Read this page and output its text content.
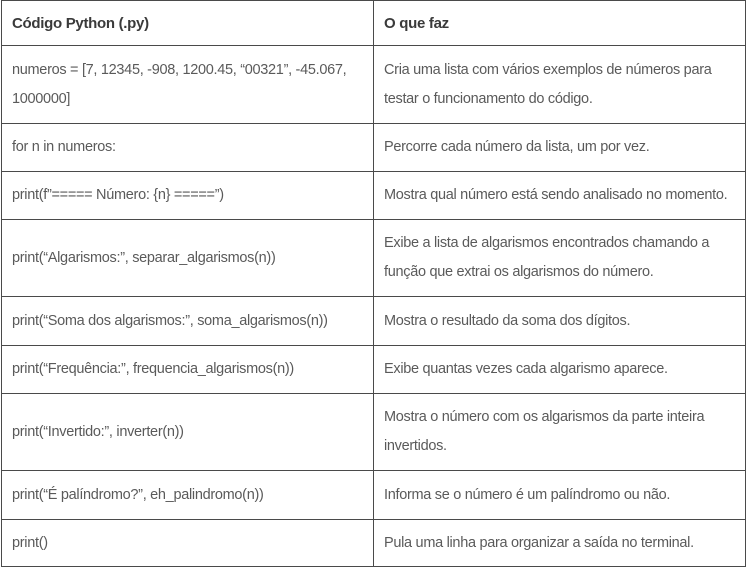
Código Python (.py)	O que faz
numeros = [7, 12345, -908, 1200.45, “00321”, -45.067, 1000000]	Cria uma lista com vários exemplos de números para testar o funcionamento do código.
for n in numeros:	Percorre cada número da lista, um por vez.
print(f”===== Número: {n} =====”)	Mostra qual número está sendo analisado no momento.
print(“Algarismos:”, separar_algarismos(n))	Exibe a lista de algarismos encontrados chamando a função que extrai os algarismos do número.
print(“Soma dos algarismos:”, soma_algarismos(n))	Mostra o resultado da soma dos dígitos.
print(“Frequência:”, frequencia_algarismos(n))	Exibe quantas vezes cada algarismo aparece.
print(“Invertido:”, inverter(n))	Mostra o número com os algarismos da parte inteira invertidos.
print(“É palíndromo?”, eh_palindromo(n))	Informa se o número é um palíndromo ou não.
print()	Pula uma linha para organizar a saída no terminal.
